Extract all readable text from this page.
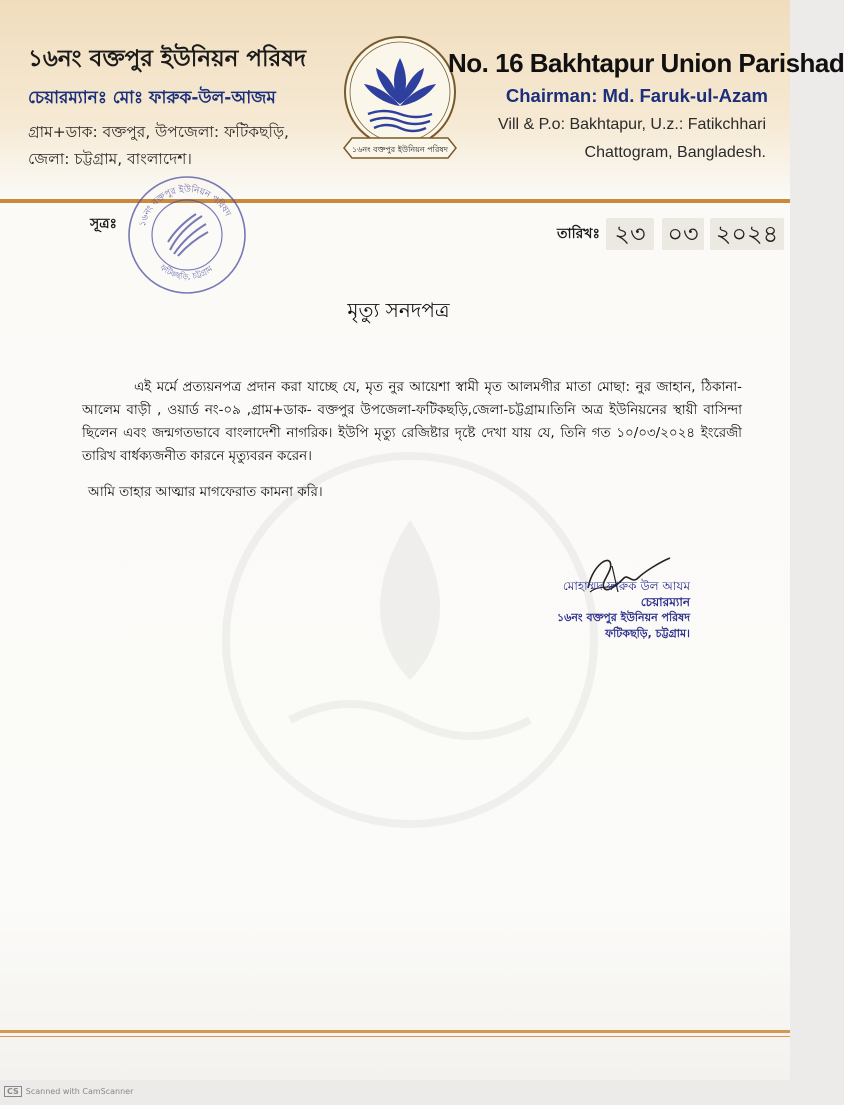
১৬নং বক্তপুর ইউনিয়ন পরিষদ
চেয়ারম্যানঃ মোঃ ফারুক-উল-আজম
গ্রাম+ডাক: বক্তপুর, উপজেলা: ফটিকছড়ি,
জেলা: চট্টগ্রাম, বাংলাদেশ।
১৬নং বক্তপুর ইউনিয়ন পরিষদ
No. 16 Bakhtapur Union Parishad
Chairman: Md. Faruk-ul-Azam
Vill & P.o: Bakhtapur, U.z.: Fatikchhari
Chattogram, Bangladesh.
সূত্রঃ ১৬নং বক্তপুর ইউনিয়ন পরিষদ
ফটিকছড়ি, চট্টগ্রাম
তারিখঃ ২৩ ০৩ ২০২৪
মৃত্যু সনদপত্র

এই মর্মে প্রত্যয়নপত্র প্রদান করা যাচ্ছে যে, মৃত নুর আয়েশা স্বামী মৃত আলমগীর মাতা মোছা: নুর জাহান, ঠিকানা- আলেম বাড়ী , ওয়ার্ড নং-০৯ ,গ্রাম+ডাক- বক্তপুর উপজেলা-ফটিকছড়ি,জেলা-চট্টগ্রাম।তিনি অত্র ইউনিয়নের স্থায়ী বাসিন্দা ছিলেন এবং জন্মগতভাবে বাংলাদেশী নাগরিক। ইউপি মৃত্যু রেজিষ্টার দৃষ্টে দেখা যায় যে, তিনি গত ১০/০৩/২০২৪ ইংরেজী তারিখ বার্ধক্যজনীত কারনে মৃত্যুবরন করেন।

আমি তাহার আত্মার মাগফেরাত কামনা করি।
মোহাম্মদ ফারুক উল আযম
চেয়ারম্যান
১৬নং বক্তপুর ইউনিয়ন পরিষদ
ফটিকছড়ি, চট্টগ্রাম।
CS Scanned with CamScanner
